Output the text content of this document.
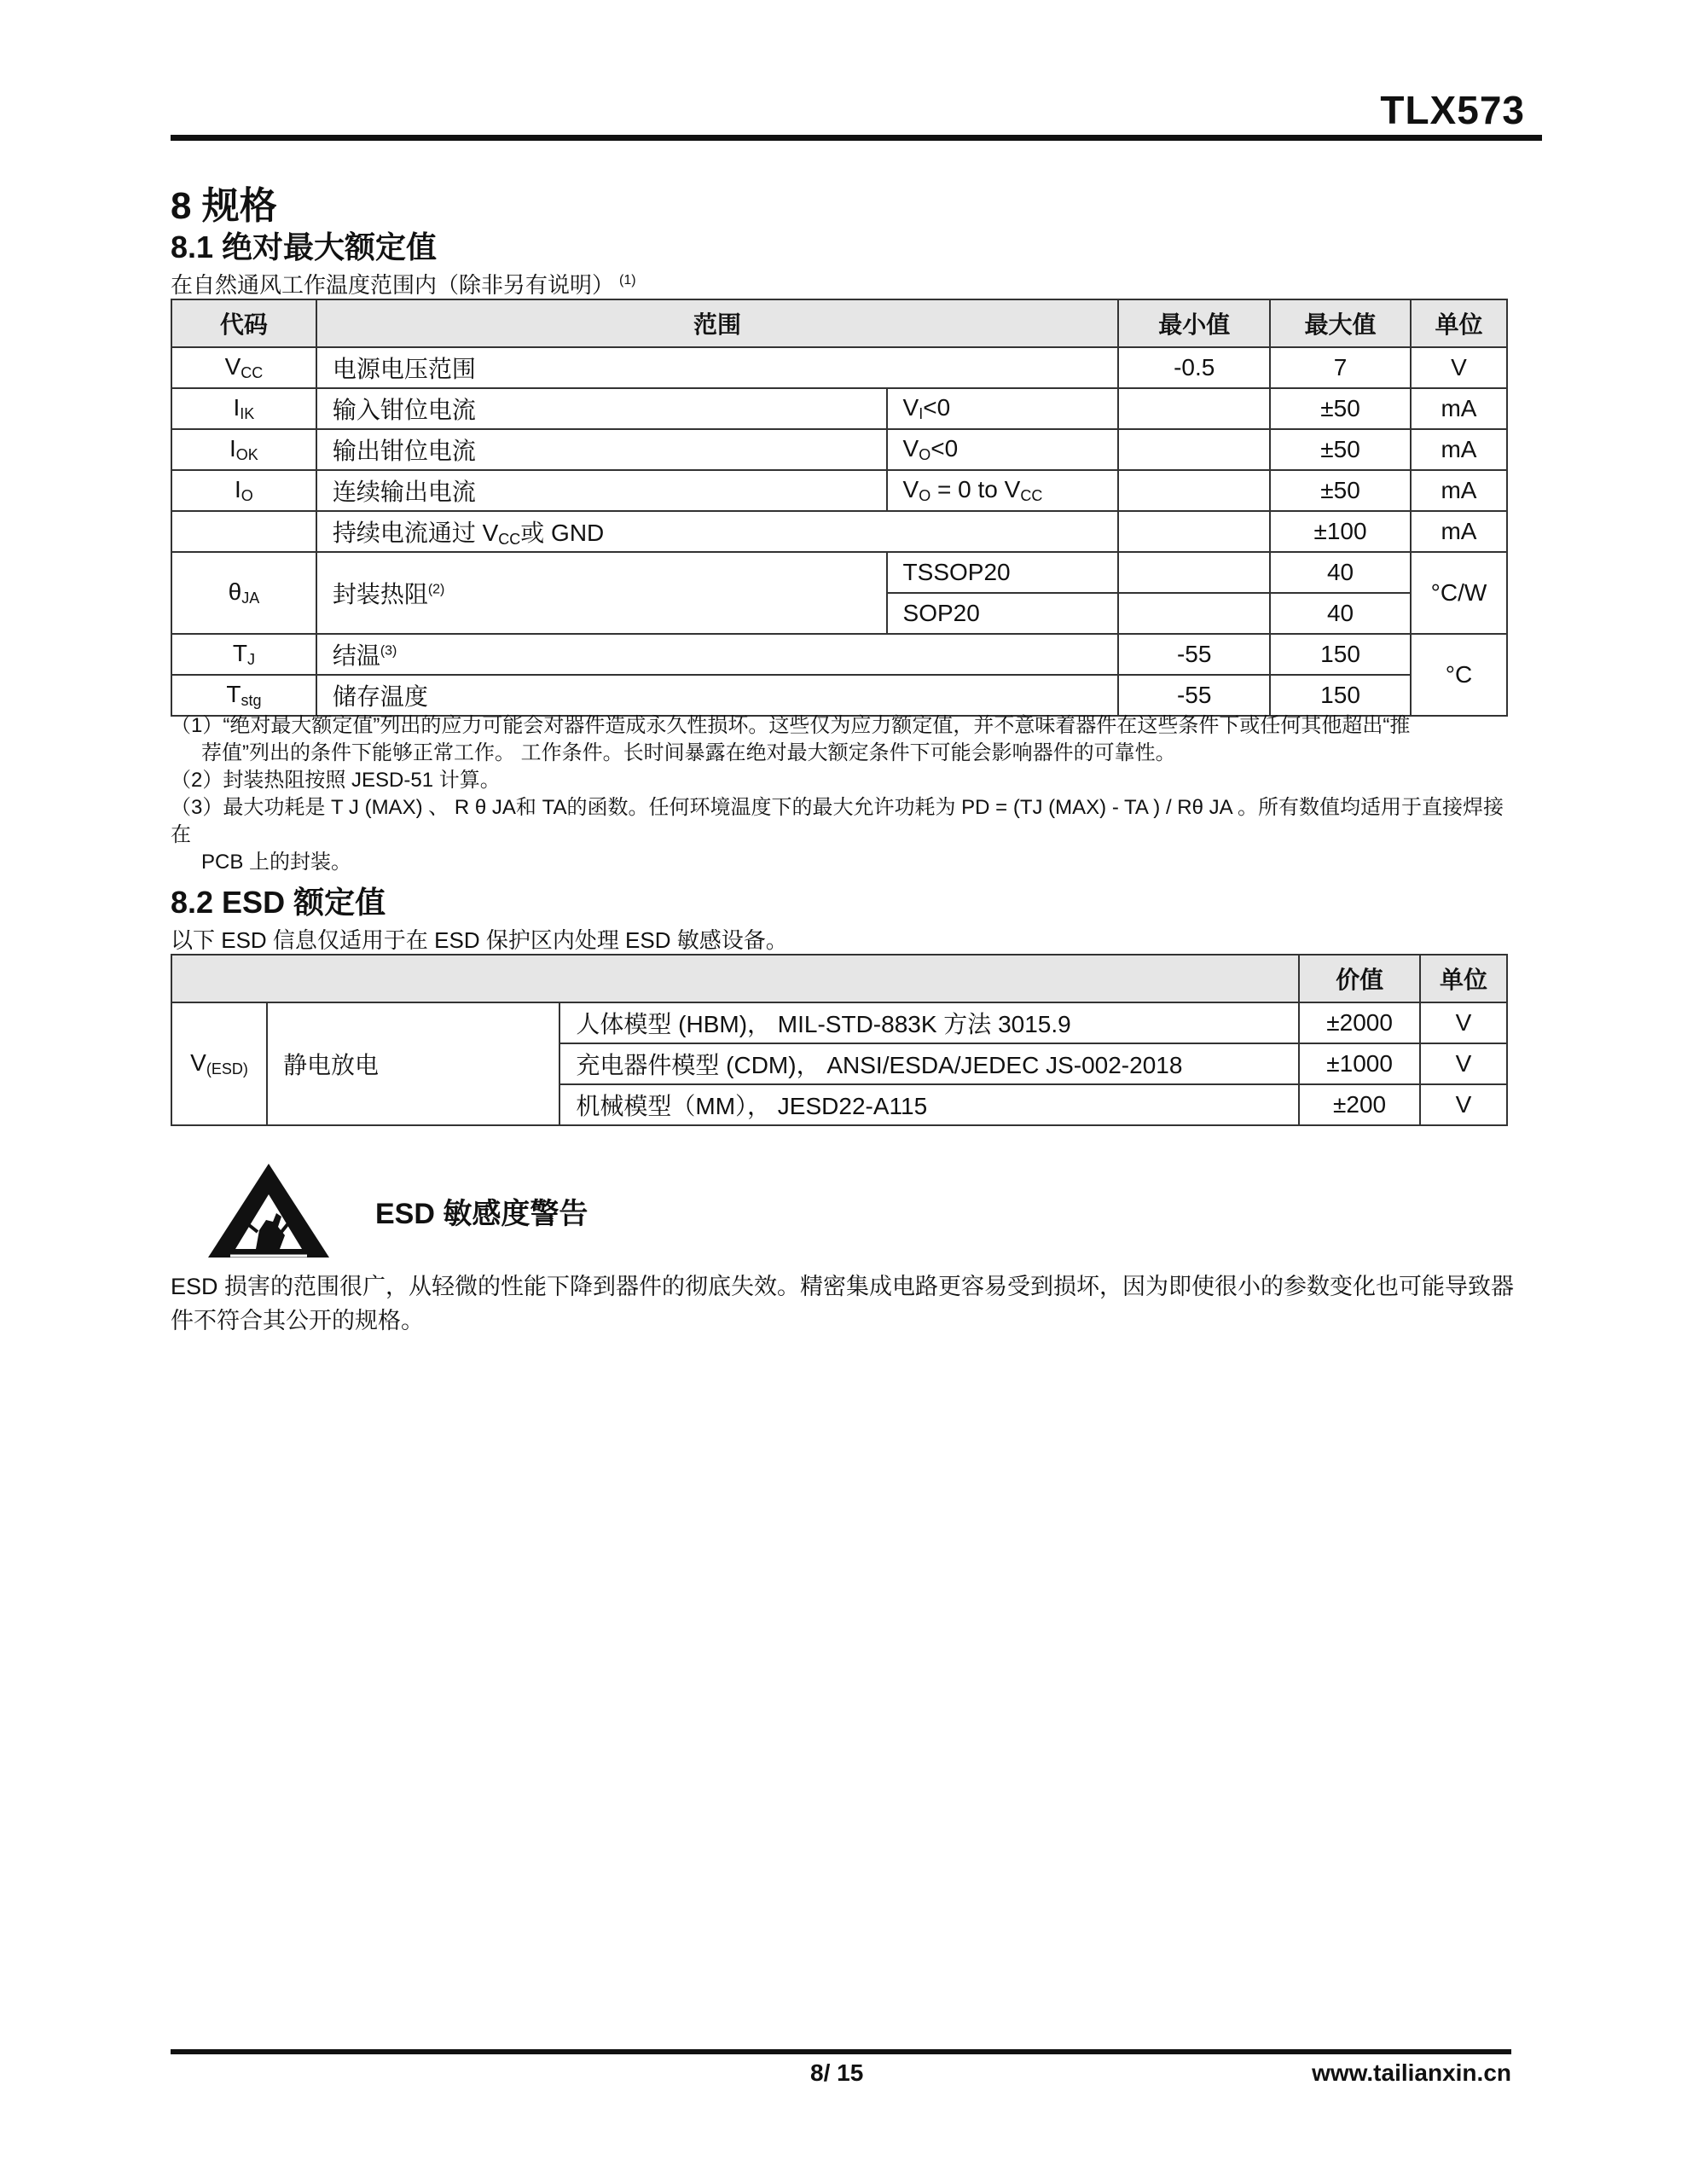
TLX573
8 规格
8.1 绝对最大额定值
在自然通风工作温度范围内（除非另有说明） $^{(1)}$
代码	范围		最小值	最大值	单位
$V_{CC}$	电源电压范围		-0.5	7	V
$I_{IK}$	输入钳位电流	$V_I<0$		±50	mA
$I_{OK}$	输出钳位电流	$V_O<0$		±50	mA
$I_O$	连续输出电流	$V_O = 0$ to $V_{CC}$		±50	mA
	持续电流通过 $V_{CC}$或 GND			±100	mA
$\theta_{JA}$	封装热阻$^{(2)}$	TSSOP20		40	°C/W
		SOP20		40	
$T_J$	结温$^{(3)}$		-55	150	°C
$T_{stg}$	储存温度		-55	150	

（1）“绝对最大额定值”列出的应力可能会对器件造成永久性损坏。这些仅为应力额定值，并不意味着器件在这些条件下或任何其他超出“推

荐值”列出的条件下能够正常工作。 工作条件。长时间暴露在绝对最大额定条件下可能会影响器件的可靠性。

（2）封装热阻按照 JESD-51 计算。

（3）最大功耗是 T J (MAX) 、 R θ JA和 TA的函数。任何环境温度下的最大允许功耗为 PD = (TJ (MAX) - TA ) / Rθ JA 。所有数值均适用于直接焊接在

PCB 上的封装。

8.2 ESD 额定值
以下 ESD 信息仅适用于在 ESD 保护区内处理 ESD 敏感设备。
			价值	单位
$V_{(ESD)}$	静电放电	人体模型 (HBM)， MIL-STD-883K 方法 3015.9	±2000	V
		充电器件模型 (CDM)， ANSI/ESDA/JEDEC JS-002-2018	±1000	V
		机械模型（MM）， JESD22-A115	±200	V
ESD 敏感度警告
ESD 损害的范围很广，从轻微的性能下降到器件的彻底失效。精密集成电路更容易受到损坏，因为即使很小的参数变化也可能导致器件不符合其公开的规格。
8/ 15	www.tailianxin.cn
